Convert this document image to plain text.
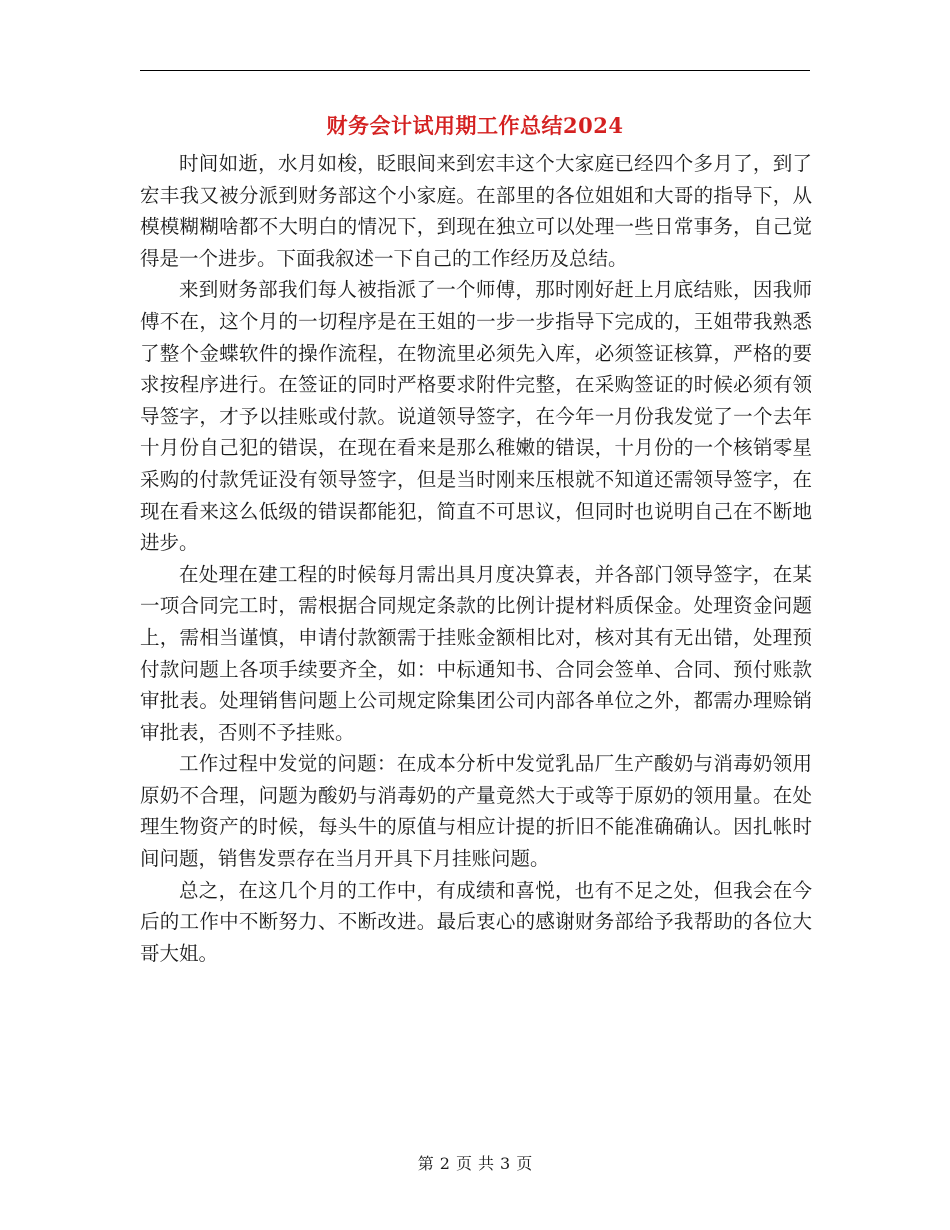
财务会计试用期工作总结2024

时间如逝，水月如梭，眨眼间来到宏丰这个大家庭已经四个多月了，到了宏丰我又被分派到财务部这个小家庭。在部里的各位姐姐和大哥的指导下，从模模糊糊啥都不大明白的情况下，到现在独立可以处理一些日常事务，自己觉得是一个进步。下面我叙述一下自己的工作经历及总结。

来到财务部我们每人被指派了一个师傅，那时刚好赶上月底结账，因我师傅不在，这个月的一切程序是在王姐的一步一步指导下完成的，王姐带我熟悉了整个金蝶软件的操作流程，在物流里必须先入库，必须签证核算，严格的要求按程序进行。在签证的同时严格要求附件完整，在采购签证的时候必须有领导签字，才予以挂账或付款。说道领导签字，在今年一月份我发觉了一个去年十月份自己犯的错误，在现在看来是那么稚嫩的错误，十月份的一个核销零星采购的付款凭证没有领导签字，但是当时刚来压根就不知道还需领导签字，在现在看来这么低级的错误都能犯，简直不可思议，但同时也说明自己在不断地进步。

在处理在建工程的时候每月需出具月度决算表，并各部门领导签字，在某一项合同完工时，需根据合同规定条款的比例计提材料质保金。处理资金问题上，需相当谨慎，申请付款额需于挂账金额相比对，核对其有无出错，处理预付款问题上各项手续要齐全，如：中标通知书、合同会签单、合同、预付账款审批表。处理销售问题上公司规定除集团公司内部各单位之外，都需办理赊销审批表，否则不予挂账。

工作过程中发觉的问题：在成本分析中发觉乳品厂生产酸奶与消毒奶领用原奶不合理，问题为酸奶与消毒奶的产量竟然大于或等于原奶的领用量。在处理生物资产的时候，每头牛的原值与相应计提的折旧不能准确确认。因扎帐时间问题，销售发票存在当月开具下月挂账问题。

总之，在这几个月的工作中，有成绩和喜悦，也有不足之处，但我会在今后的工作中不断努力、不断改进。最后衷心的感谢财务部给予我帮助的各位大哥大姐。

第 2 页 共 3 页
